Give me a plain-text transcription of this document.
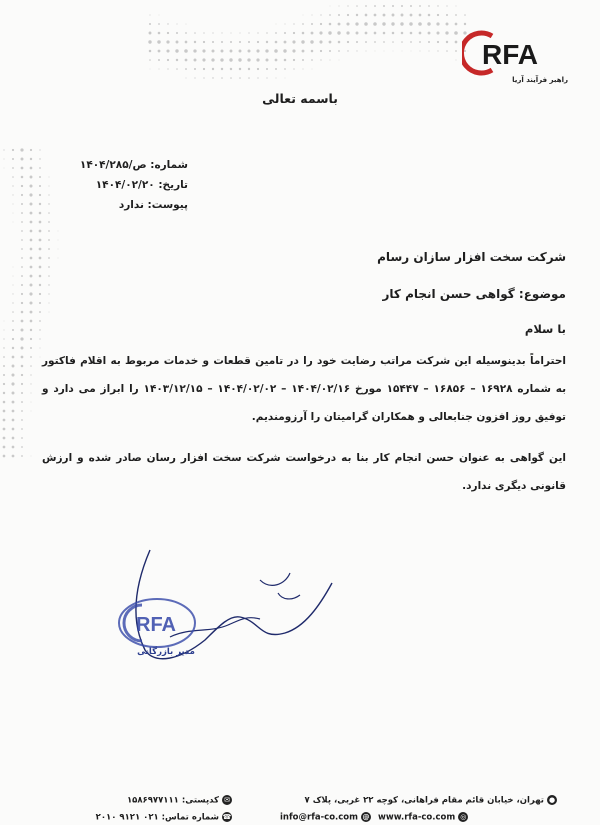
RFA
راهبر فرآیند آریا
باسمه تعالی
شماره: ص/۱۴۰۴/۲۸۵
تاریخ: ۱۴۰۴/۰۲/۲۰
پیوست: ندارد
شرکت سخت افزار سازان رسام
موضوع: گواهی حسن انجام کار
با سلام
احتراماً بدینوسیله این شرکت مراتب رضایت خود را در تامین قطعات و خدمات مربوط به اقلام فاکتور به شماره ۱۶۹۲۸ – ۱۶۸۵۶ – ۱۵۴۴۷ مورخ ۱۴۰۴/۰۲/۱۶ – ۱۴۰۴/۰۲/۰۲ – ۱۴۰۳/۱۲/۱۵ را ابراز می دارد و توفیق روز افزون جنابعالی و همکاران گرامیتان را آرزومندیم.
این گواهی به عنوان حسن انجام کار بنا به درخواست شرکت سخت افزار رسان صادر شده و ارزش قانونی دیگری ندارد.
RFA
مدیر بازرگانی
●تهران، خیابان قائم مقام فراهانی، کوچه ۲۲ غربی، پلاک ۷
✉کدپستی: ۱۵۸۶۹۷۷۱۱۱
www.rfa-co.com ◎
info@rfa-co.com @
☎شماره تماس: ۰۲۱ ۹۱۲۱ ۲۰۱۰
